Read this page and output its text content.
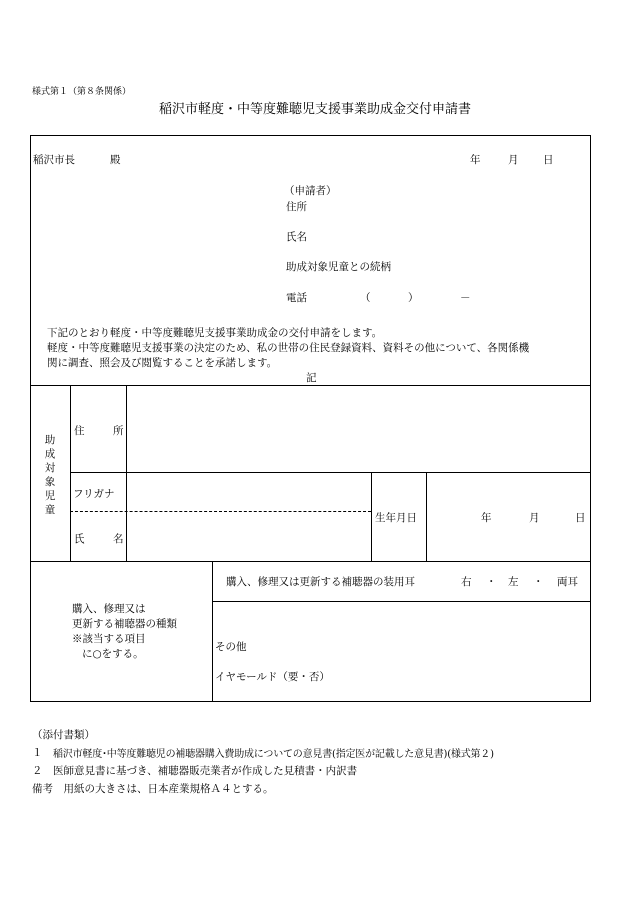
様式第１（第８条関係）
稲沢市軽度・中等度難聴児支援事業助成金交付申請書
稲沢市長	殿	年	月 日
（申請者）
住所
氏名
助成対象児童との続柄
電話	（	）	－
下記のとおり軽度・中等度難聴児支援事業助成金の交付申請をします。
軽度・中等度難聴児支援事業の決定のため、私の世帯の住民登録資料、資料その他について、各関係機
関に調査、照会及び閲覧することを承諾します。
記
助成対象児童
住	所
フリガナ
氏	名
生年月日	年	月	日
購入、修理又は
更新する補聴器の種類
※該当する項目
に○をする。
購入、修理又は更新する補聴器の装用耳	右 ・ 左 ・ 両耳
その他
イヤモールド（要・否）
（添付書類）
１ 稲沢市軽度･中等度難聴児の補聴器購入費助成についての意見書(指定医が記載した意見書)(様式第２)
２ 医師意見書に基づき、補聴器販売業者が作成した見積書・内訳書
備考　用紙の大きさは、日本産業規格Ａ４とする。
